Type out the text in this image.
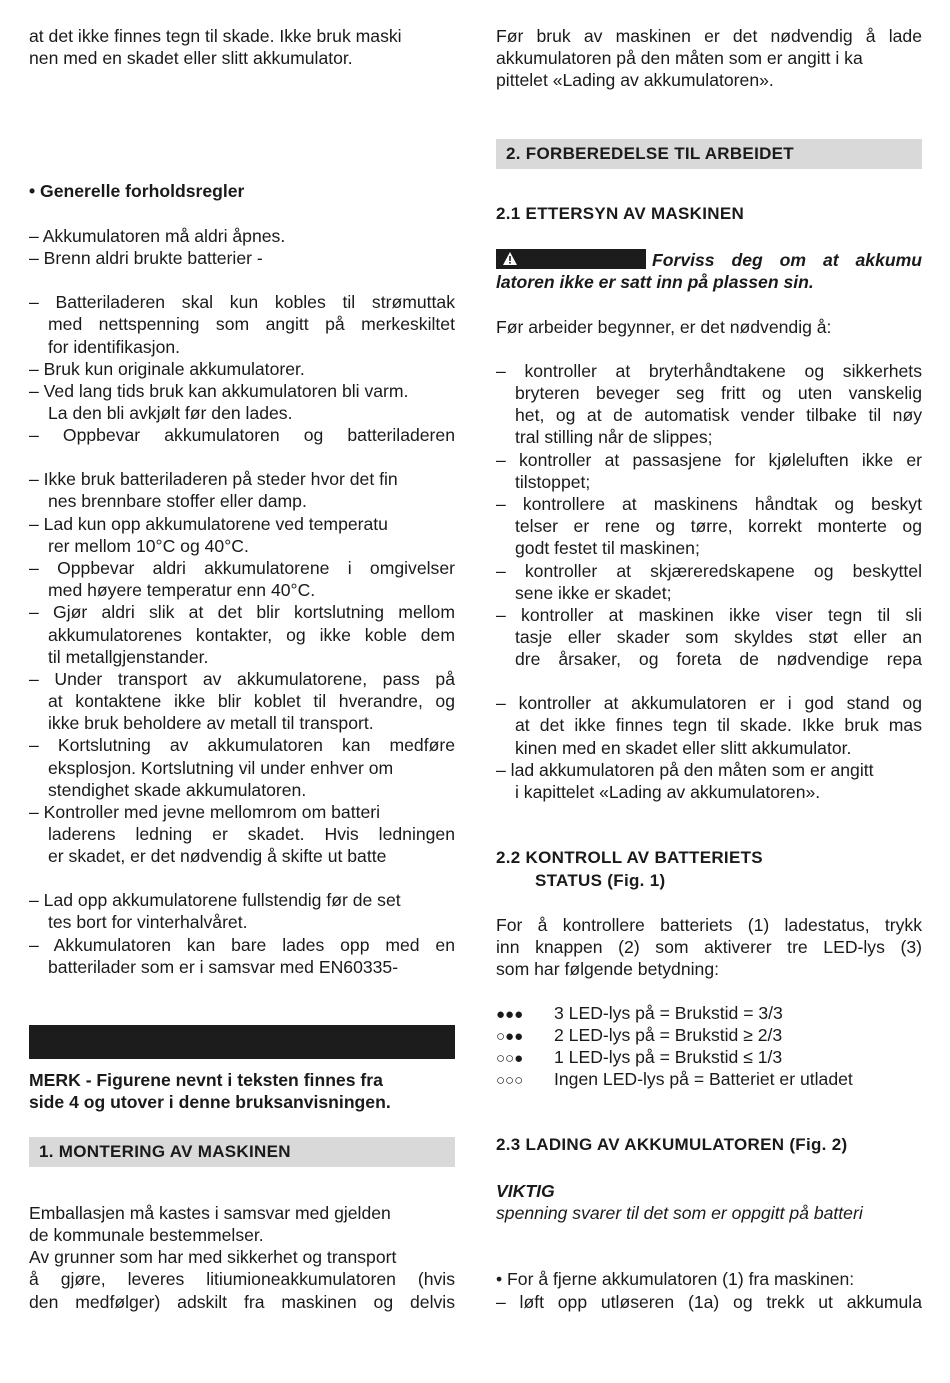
at det ikke finnes tegn til skade. Ikke bruk maski

nen med en skadet eller slitt akkumulator.

• Generelle forholdsregler

– Akkumulatoren må aldri åpnes.

– Brenn aldri brukte batterier -

– Batteriladeren skal kun kobles til strømuttak

med nettspenning som angitt på merkeskiltet

for identifikasjon.

– Bruk kun originale akkumulatorer.

– Ved lang tids bruk kan akkumulatoren bli varm.

La den bli avkjølt før den lades.

– Oppbevar akkumulatoren og batteriladeren

– Ikke bruk batteriladeren på steder hvor det fin

nes brennbare stoffer eller damp.

– Lad kun opp akkumulatorene ved temperatu

rer mellom 10°C og 40°C.

– Oppbevar aldri akkumulatorene i omgivelser

med høyere temperatur enn 40°C.

– Gjør aldri slik at det blir kortslutning mellom

akkumulatorenes kontakter, og ikke koble dem

til metallgjenstander.

– Under transport av akkumulatorene, pass på

at kontaktene ikke blir koblet til hverandre, og

ikke bruk beholdere av metall til transport.

– Kortslutning av akkumulatoren kan medføre

eksplosjon. Kortslutning vil under enhver om

stendighet skade akkumulatoren.

– Kontroller med jevne mellomrom om batteri

laderens ledning er skadet. Hvis ledningen

er skadet, er det nødvendig å skifte ut batte

– Lad opp akkumulatorene fullstendig før de set

tes bort for vinterhalvåret.

– Akkumulatoren kan bare lades opp med en

batterilader som er i samsvar med EN60335-

MERK - Figurene nevnt i teksten finnes fra

side 4 og utover i denne bruksanvisningen.

1. MONTERING AV MASKINEN

Emballasjen må kastes i samsvar med gjelden

de kommunale bestemmelser.

Av grunner som har med sikkerhet og transport

å gjøre, leveres litiumionеakkumulatoren (hvis

den medfølger) adskilt fra maskinen og delvis

Før bruk av maskinen er det nødvendig å lade

akkumulatoren på den måten som er angitt i ka

pittelet «Lading av akkumulatoren».

2. FORBEREDELSE TIL ARBEIDET

2.1 ETTERSYN AV MASKINEN

Forviss deg om at akkumu

latoren ikke er satt inn på plassen sin.

Før arbeider begynner, er det nødvendig å:

– kontroller at bryterhåndtakene og sikkerhets

bryteren beveger seg fritt og uten vanskelig

het, og at de automatisk vender tilbake til nøy

tral stilling når de slippes;

– kontroller at passasjene for kjøleluften ikke er

tilstoppet;

– kontrollere at maskinens håndtak og beskyt

telser er rene og tørre, korrekt monterte og

godt festet til maskinen;

– kontroller at skjæreredskapene og beskyttel

sene ikke er skadet;

– kontroller at maskinen ikke viser tegn til sli

tasje eller skader som skyldes støt eller an

dre årsaker, og foreta de nødvendige repa

– kontroller at akkumulatoren er i god stand og

at det ikke finnes tegn til skade. Ikke bruk mas

kinen med en skadet eller slitt akkumulator.

– lad akkumulatoren på den måten som er angitt

i kapittelet «Lading av akkumulatoren».

2.2 KONTROLL AV BATTERIETS

STATUS (Fig. 1)

For å kontrollere batteriets (1) ladestatus, trykk

inn knappen (2) som aktiverer tre LED-lys (3)

som har følgende betydning:

●●● 3 LED-lys på = Brukstid = 3/3

○●● 2 LED-lys på = Brukstid ≥ 2/3

○○● 1 LED-lys på = Brukstid ≤ 1/3

○○○ Ingen LED-lys på = Batteriet er utladet

2.3 LADING AV AKKUMULATOREN (Fig. 2)

VIKTIG

spenning svarer til det som er oppgitt på batteri

• For å fjerne akkumulatoren (1) fra maskinen:

– løft opp utløseren (1a) og trekk ut akkumula
